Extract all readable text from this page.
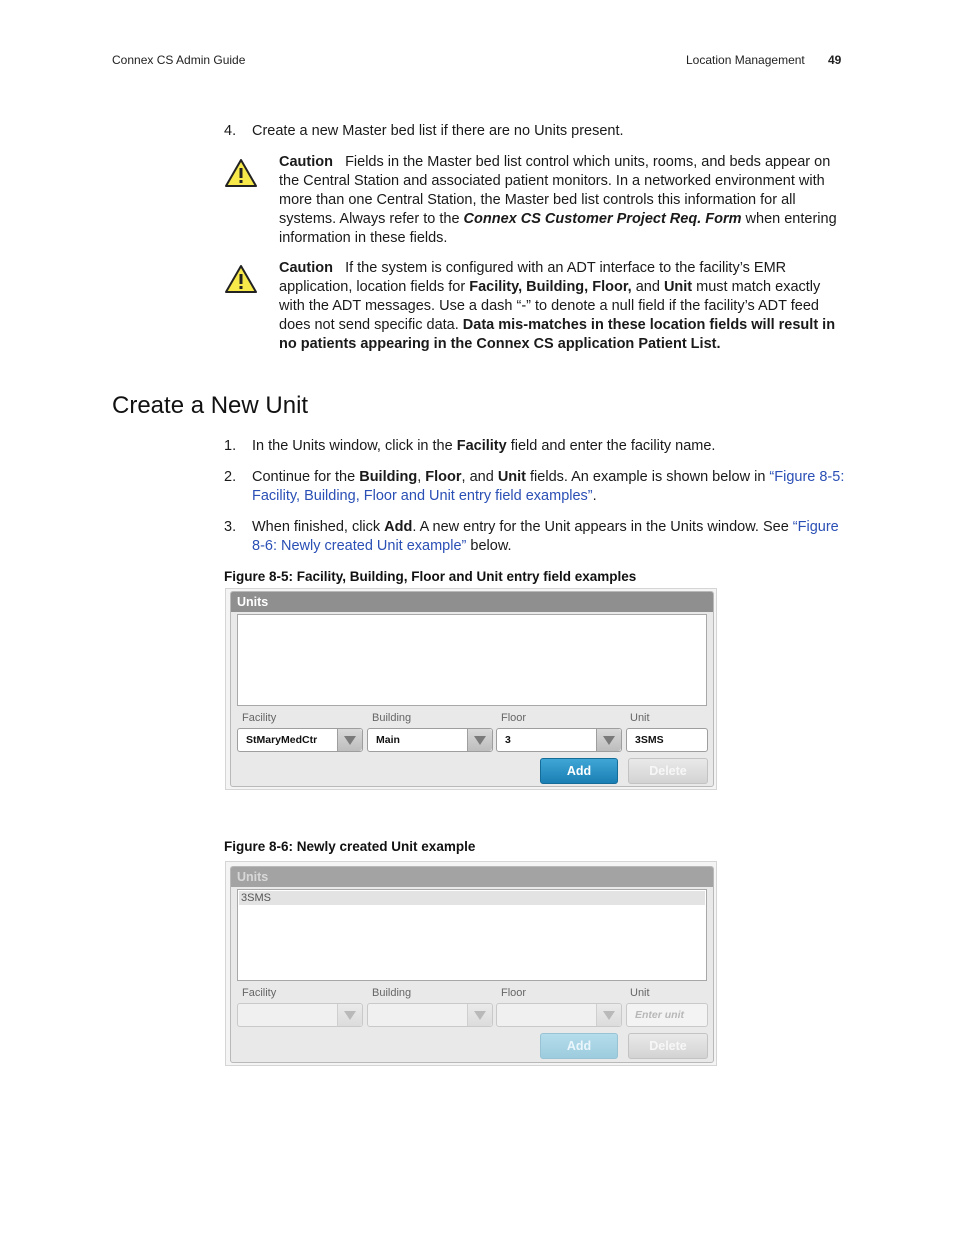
Connex CS Admin Guide	Location Management 49
4. Create a new Master bed list if there are no Units present.
Caution Fields in the Master bed list control which units, rooms, and beds appear on the Central Station and associated patient monitors. In a networked environment with more than one Central Station, the Master bed list controls this information for all systems. Always refer to the Connex CS Customer Project Req. Form when entering information in these fields.
Caution If the system is configured with an ADT interface to the facility’s EMR application, location fields for Facility, Building, Floor, and Unit must match exactly with the ADT messages. Use a dash “-” to denote a null field if the facility’s ADT feed does not send specific data. Data mis-matches in these location fields will result in no patients appearing in the Connex CS application Patient List.
Create a New Unit
1. In the Units window, click in the Facility field and enter the facility name.
2. Continue for the Building, Floor, and Unit fields. An example is shown below in “Figure 8-5: Facility, Building, Floor and Unit entry field examples”.
3. When finished, click Add. A new entry for the Unit appears in the Units window. See “Figure 8-6: Newly created Unit example” below.
Figure 8-5: Facility, Building, Floor and Unit entry field examples
Units
Facility	Building	Floor	Unit
StMaryMedCtr	Main	3	3SMS
Add	Delete
Figure 8-6: Newly created Unit example
Units
3SMS
Facility	Building	Floor	Unit
Enter unit
Add	Delete
